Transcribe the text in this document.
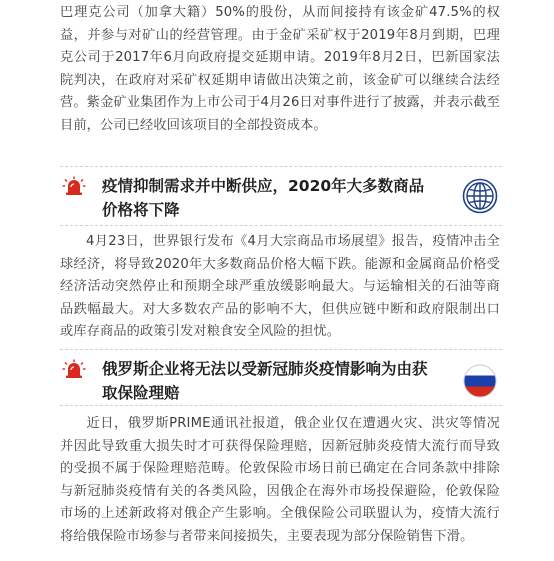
巴理克公司（加拿大籍）50%的股份，从而间接持有该金矿47.5%的权益，并参与对矿山的经营管理。由于金矿采矿权于2019年8月到期，巴理克公司于2017年6月向政府提交延期申请。2019年8月2日，巴新国家法院判决，在政府对采矿权延期申请做出决策之前，该金矿可以继续合法经营。紫金矿业集团作为上市公司于4月26日对事件进行了披露，并表示截至目前，公司已经收回该项目的全部投资成本。

疫情抑制需求并中断供应，2020年大多数商品价格将下降

4月23日，世界银行发布《4月大宗商品市场展望》报告，疫情冲击全球经济，将导致2020年大多数商品价格大幅下跌。能源和金属商品价格受经济活动突然停止和预期全球严重放缓影响最大。与运输相关的石油等商品跌幅最大。对大多数农产品的影响不大，但供应链中断和政府限制出口或库存商品的政策引发对粮食安全风险的担忧。

俄罗斯企业将无法以受新冠肺炎疫情影响为由获取保险理赔

近日，俄罗斯PRIME通讯社报道，俄企业仅在遭遇火灾、洪灾等情况并因此导致重大损失时才可获得保险理赔，因新冠肺炎疫情大流行而导致的受损不属于保险理赔范畴。伦敦保险市场日前已确定在合同条款中排除与新冠肺炎疫情有关的各类风险，因俄企在海外市场投保避险，伦敦保险市场的上述新政将对俄企产生影响。全俄保险公司联盟认为，疫情大流行将给俄保险市场参与者带来间接损失，主要表现为部分保险销售下滑。
